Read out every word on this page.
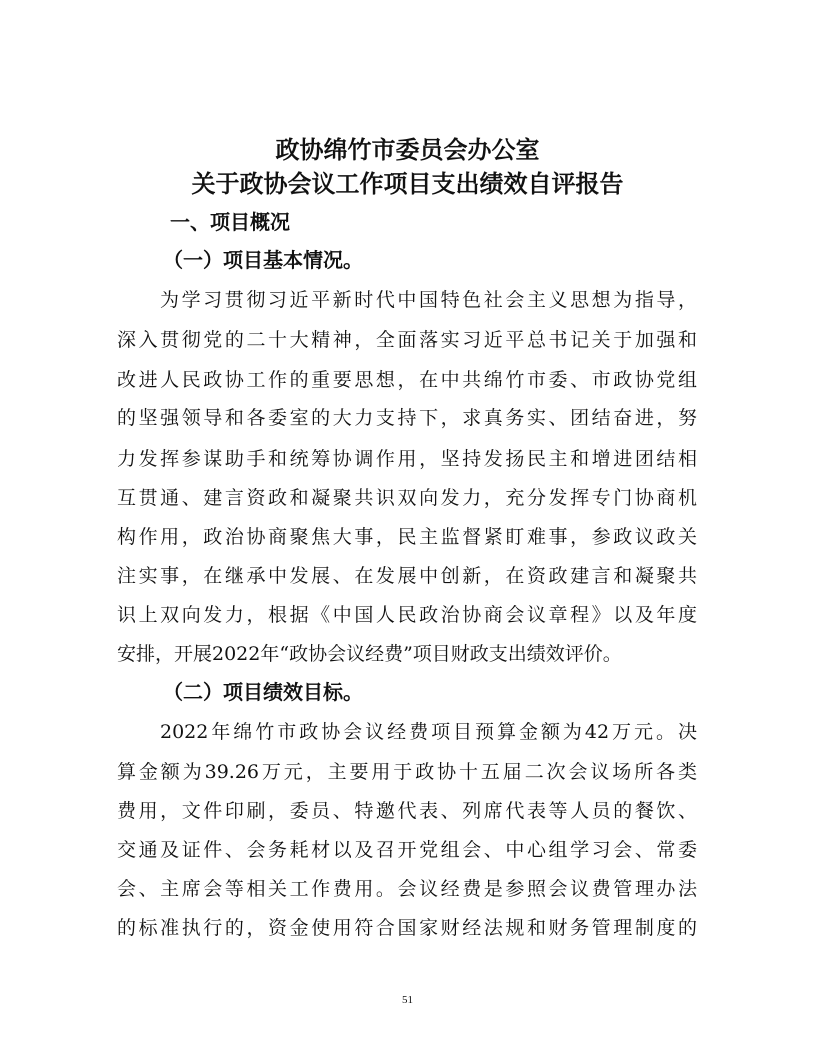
政协绵竹市委员会办公室
关于政协会议工作项目支出绩效自评报告
一、项目概况
（一）项目基本情况。
为学习贯彻习近平新时代中国特色社会主义思想为指导，
深入贯彻党的二十大精神，全面落实习近平总书记关于加强和
改进人民政协工作的重要思想，在中共绵竹市委、市政协党组
的坚强领导和各委室的大力支持下，求真务实、团结奋进，努
力发挥参谋助手和统筹协调作用，坚持发扬民主和增进团结相
互贯通、建言资政和凝聚共识双向发力，充分发挥专门协商机
构作用，政治协商聚焦大事，民主监督紧盯难事，参政议政关
注实事，在继承中发展、在发展中创新，在资政建言和凝聚共
识上双向发力，根据《中国人民政治协商会议章程》以及年度
安排，开展2022年“政协会议经费”项目财政支出绩效评价。
（二）项目绩效目标。
2022年绵竹市政协会议经费项目预算金额为42万元。决
算金额为39.26万元，主要用于政协十五届二次会议场所各类
费用，文件印刷，委员、特邀代表、列席代表等人员的餐饮、
交通及证件、会务耗材以及召开党组会、中心组学习会、常委
会、主席会等相关工作费用。会议经费是参照会议费管理办法
的标准执行的，资金使用符合国家财经法规和财务管理制度的
51
